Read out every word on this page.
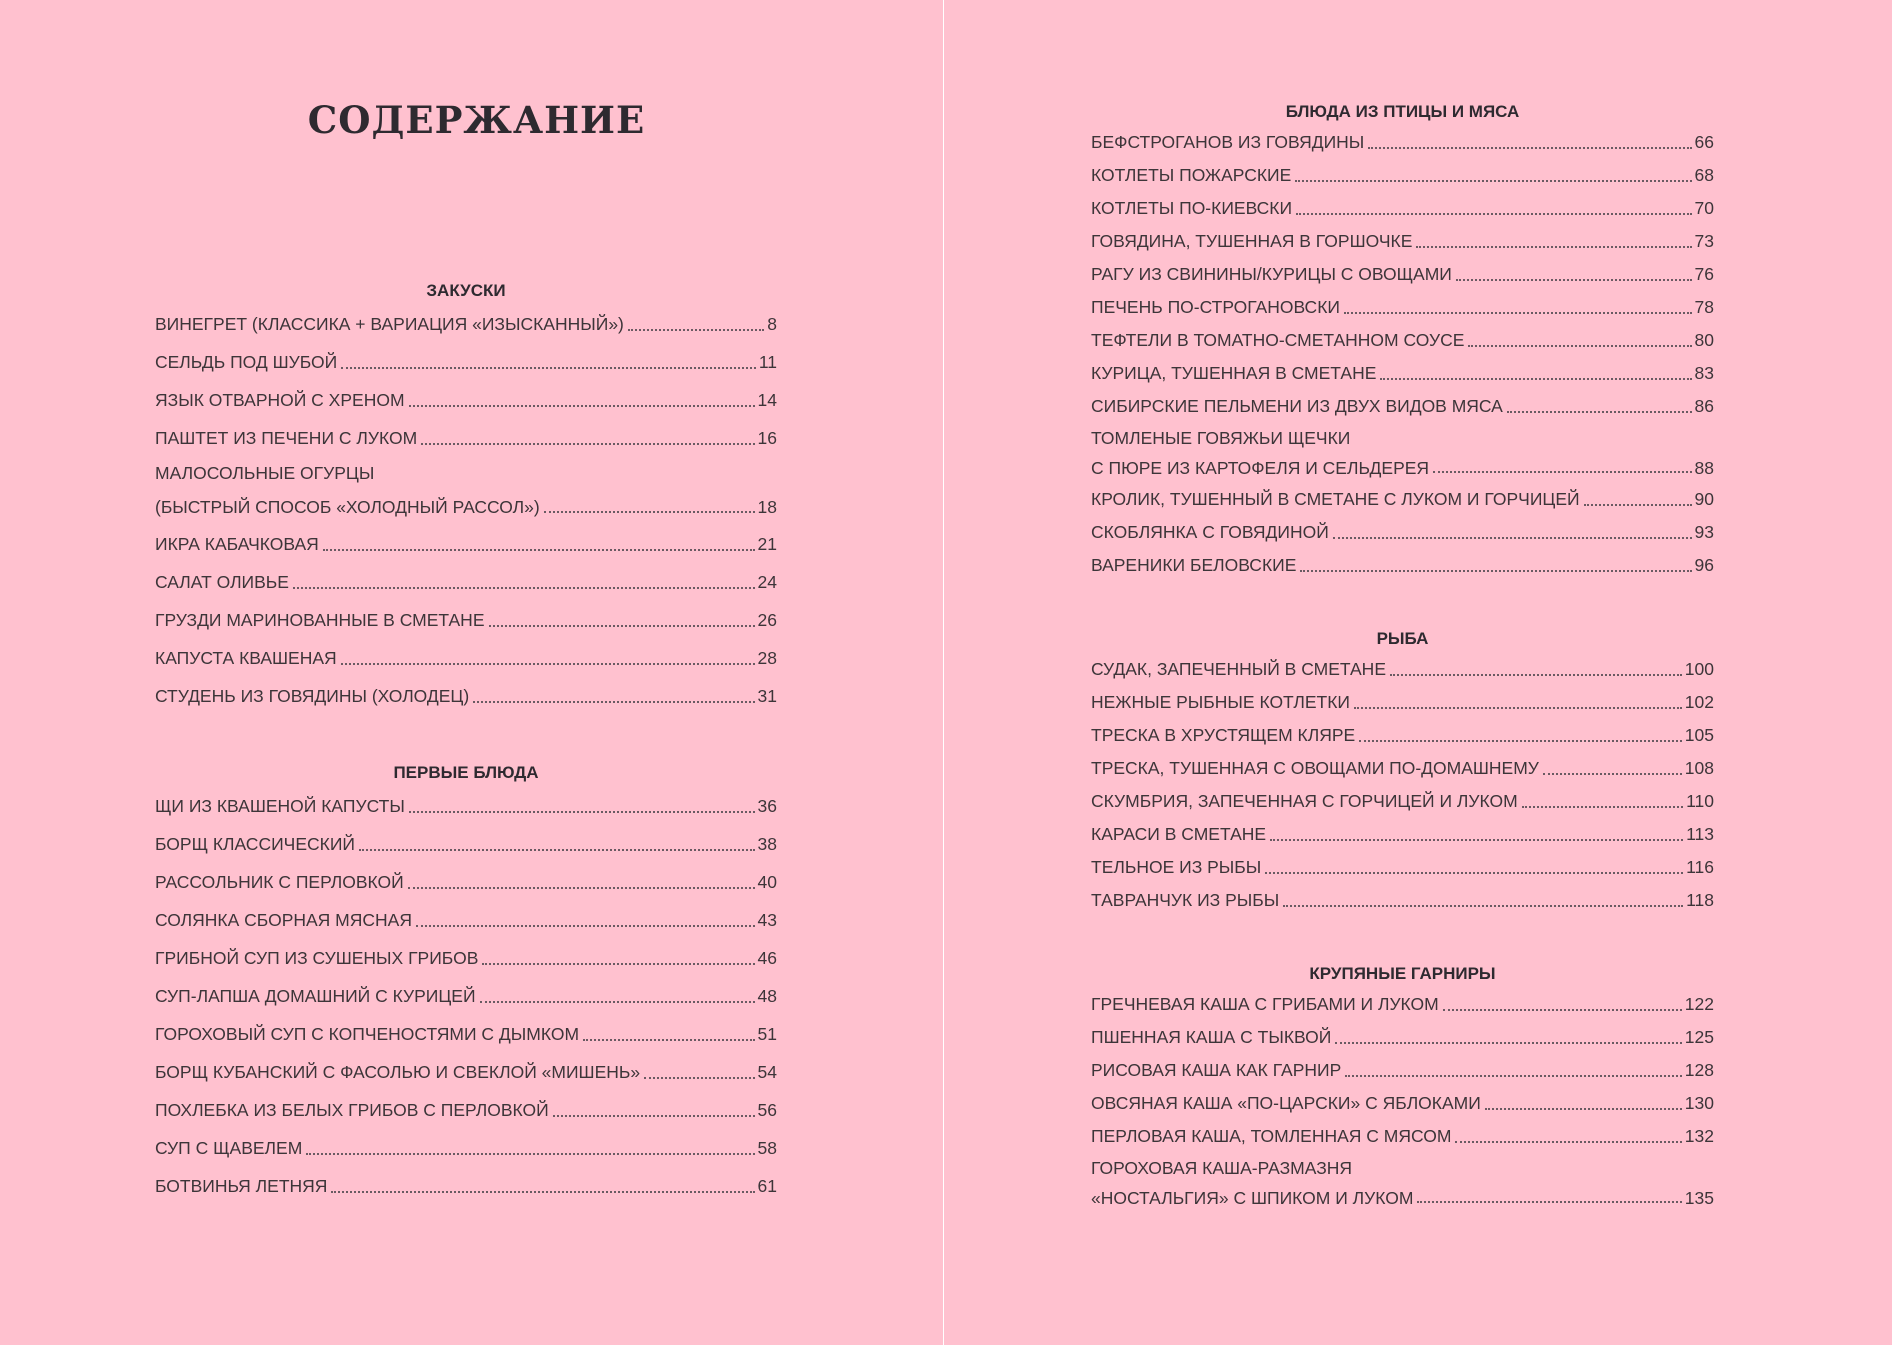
СОДЕРЖАНИЕ
ЗАКУСКИ
ВИНЕГРЕТ (КЛАССИКА + ВАРИАЦИЯ «ИЗЫСКАННЫЙ»)	8
СЕЛЬДЬ ПОД ШУБОЙ	11
ЯЗЫК ОТВАРНОЙ С ХРЕНОМ	14
ПАШТЕТ ИЗ ПЕЧЕНИ С ЛУКОМ	16
МАЛОСОЛЬНЫЕ ОГУРЦЫ
(БЫСТРЫЙ СПОСОБ «ХОЛОДНЫЙ РАССОЛ»)	18
ИКРА КАБАЧКОВАЯ	21
САЛАТ ОЛИВЬЕ	24
ГРУЗДИ МАРИНОВАННЫЕ В СМЕТАНЕ	26
КАПУСТА КВАШЕНАЯ	28
СТУДЕНЬ ИЗ ГОВЯДИНЫ (ХОЛОДЕЦ)	31
ПЕРВЫЕ БЛЮДА
ЩИ ИЗ КВАШЕНОЙ КАПУСТЫ	36
БОРЩ КЛАССИЧЕСКИЙ	38
РАССОЛЬНИК С ПЕРЛОВКОЙ	40
СОЛЯНКА СБОРНАЯ МЯСНАЯ	43
ГРИБНОЙ СУП ИЗ СУШЕНЫХ ГРИБОВ	46
СУП-ЛАПША ДОМАШНИЙ С КУРИЦЕЙ	48
ГОРОХОВЫЙ СУП С КОПЧЕНОСТЯМИ С ДЫМКОМ	51
БОРЩ КУБАНСКИЙ С ФАСОЛЬЮ И СВЕКЛОЙ «МИШЕНЬ»	54
ПОХЛЕБКА ИЗ БЕЛЫХ ГРИБОВ С ПЕРЛОВКОЙ	56
СУП С ЩАВЕЛЕМ	58
БОТВИНЬЯ ЛЕТНЯЯ	61
БЛЮДА ИЗ ПТИЦЫ И МЯСА
БЕФСТРОГАНОВ ИЗ ГОВЯДИНЫ	66
КОТЛЕТЫ ПОЖАРСКИЕ	68
КОТЛЕТЫ ПО-КИЕВСКИ	70
ГОВЯДИНА, ТУШЕННАЯ В ГОРШОЧКЕ	73
РАГУ ИЗ СВИНИНЫ/КУРИЦЫ С ОВОЩАМИ	76
ПЕЧЕНЬ ПО-СТРОГАНОВСКИ	78
ТЕФТЕЛИ В ТОМАТНО-СМЕТАННОМ СОУСЕ	80
КУРИЦА, ТУШЕННАЯ В СМЕТАНЕ	83
СИБИРСКИЕ ПЕЛЬМЕНИ ИЗ ДВУХ ВИДОВ МЯСА	86
ТОМЛЕНЫЕ ГОВЯЖЬИ ЩЕЧКИ
С ПЮРЕ ИЗ КАРТОФЕЛЯ И СЕЛЬДЕРЕЯ	88
КРОЛИК, ТУШЕННЫЙ В СМЕТАНЕ С ЛУКОМ И ГОРЧИЦЕЙ	90
СКОБЛЯНКА С ГОВЯДИНОЙ	93
ВАРЕНИКИ БЕЛОВСКИЕ	96
РЫБА
СУДАК, ЗАПЕЧЕННЫЙ В СМЕТАНЕ	100
НЕЖНЫЕ РЫБНЫЕ КОТЛЕТКИ	102
ТРЕСКА В ХРУСТЯЩЕМ КЛЯРЕ	105
ТРЕСКА, ТУШЕННАЯ С ОВОЩАМИ ПО-ДОМАШНЕМУ	108
СКУМБРИЯ, ЗАПЕЧЕННАЯ С ГОРЧИЦЕЙ И ЛУКОМ	110
КАРАСИ В СМЕТАНЕ	113
ТЕЛЬНОЕ ИЗ РЫБЫ	116
ТАВРАНЧУК ИЗ РЫБЫ	118
КРУПЯНЫЕ ГАРНИРЫ
ГРЕЧНЕВАЯ КАША С ГРИБАМИ И ЛУКОМ	122
ПШЕННАЯ КАША С ТЫКВОЙ	125
РИСОВАЯ КАША КАК ГАРНИР	128
ОВСЯНАЯ КАША «ПО-ЦАРСКИ» С ЯБЛОКАМИ	130
ПЕРЛОВАЯ КАША, ТОМЛЕННАЯ С МЯСОМ	132
ГОРОХОВАЯ КАША-РАЗМАЗНЯ
«НОСТАЛЬГИЯ» С ШПИКОМ И ЛУКОМ	135
